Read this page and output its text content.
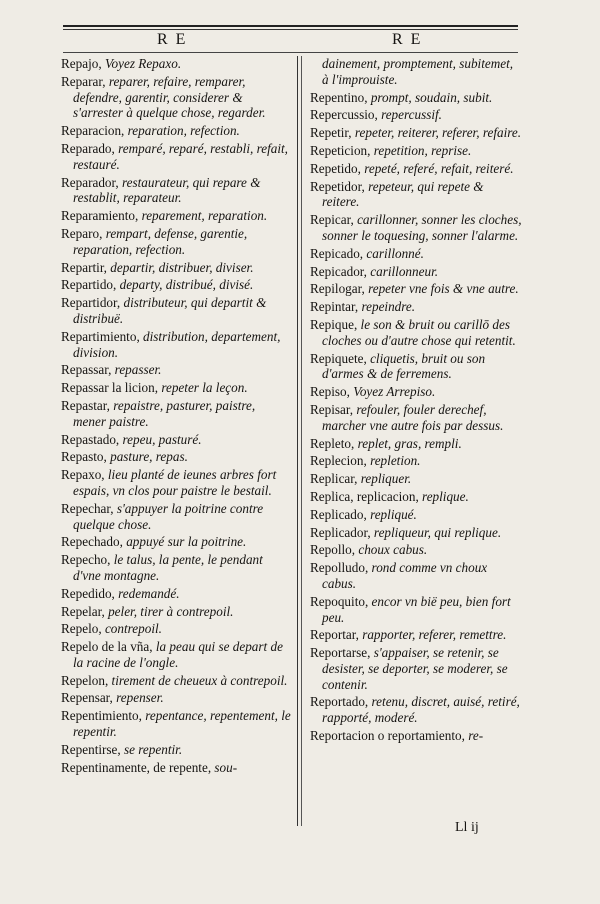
R E	R E
Repajo, Voyez Repaxo.
Reparar, reparer, refaire, remparer, defendre, garentir, considerer & s'arrester à quelque chose, regarder.
Reparacion, reparation, refection.
Reparado, remparé, reparé, restabli, refait, restauré.
Reparador, restaurateur, qui repare & restablit, reparateur.
Reparamiento, reparement, reparation.
Reparo, rempart, defense, garentie, reparation, refection.
Repartir, departir, distribuer, diviser.
Repartido, departy, distribué, divisé.
Repartidor, distributeur, qui departit & distribuë.
Repartimiento, distribution, departement, division.
Repassar, repasser.
Repassar la licion, repeter la leçon.
Repastar, repaistre, pasturer, paistre, mener paistre.
Repastado, repeu, pasturé.
Repasto, pasture, repas.
Repaxo, lieu planté de ieunes arbres fort espais, vn clos pour paistre le bestail.
Repechar, s'appuyer la poitrine contre quelque chose.
Repechado, appuyé sur la poitrine.
Repecho, le talus, la pente, le pendant d'vne montagne.
Repedido, redemandé.
Repelar, peler, tirer à contrepoil.
Repelo, contrepoil.
Repelo de la vña, la peau qui se depart de la racine de l'ongle.
Repelon, tirement de cheueux à contrepoil.
Repensar, repenser.
Repentimiento, repentance, repentement, le repentir.
Repentirse, se repentir.
Repentinamente, de repente, sou-
dainement, promptement, subitemet, à l'improuiste.
Repentino, prompt, soudain, subit.
Repercussio, repercussif.
Repetir, repeter, reiterer, referer, refaire.
Repeticion, repetition, reprise.
Repetido, repeté, referé, refait, reiteré.
Repetidor, repeteur, qui repete & reitere.
Repicar, carillonner, sonner les cloches, sonner le toquesing, sonner l'alarme.
Repicado, carillonné.
Repicador, carillonneur.
Repilogar, repeter vne fois & vne autre.
Repintar, repeindre.
Repique, le son & bruit ou carillō des cloches ou d'autre chose qui retentit.
Repiquete, cliquetis, bruit ou son d'armes & de ferremens.
Repiso, Voyez Arrepiso.
Repisar, refouler, fouler derechef, marcher vne autre fois par dessus.
Repleto, replet, gras, rempli.
Replecion, repletion.
Replicar, repliquer.
Replica, replicacion, replique.
Replicado, repliqué.
Replicador, repliqueur, qui replique.
Repollo, choux cabus.
Repolludo, rond comme vn choux cabus.
Repoquito, encor vn bië peu, bien fort peu.
Reportar, rapporter, referer, remettre.
Reportarse, s'appaiser, se retenir, se desister, se deporter, se moderer, se contenir.
Reportado, retenu, discret, auisé, retiré, rapporté, moderé.
Reportacion o reportamiento, re-
Ll ij
